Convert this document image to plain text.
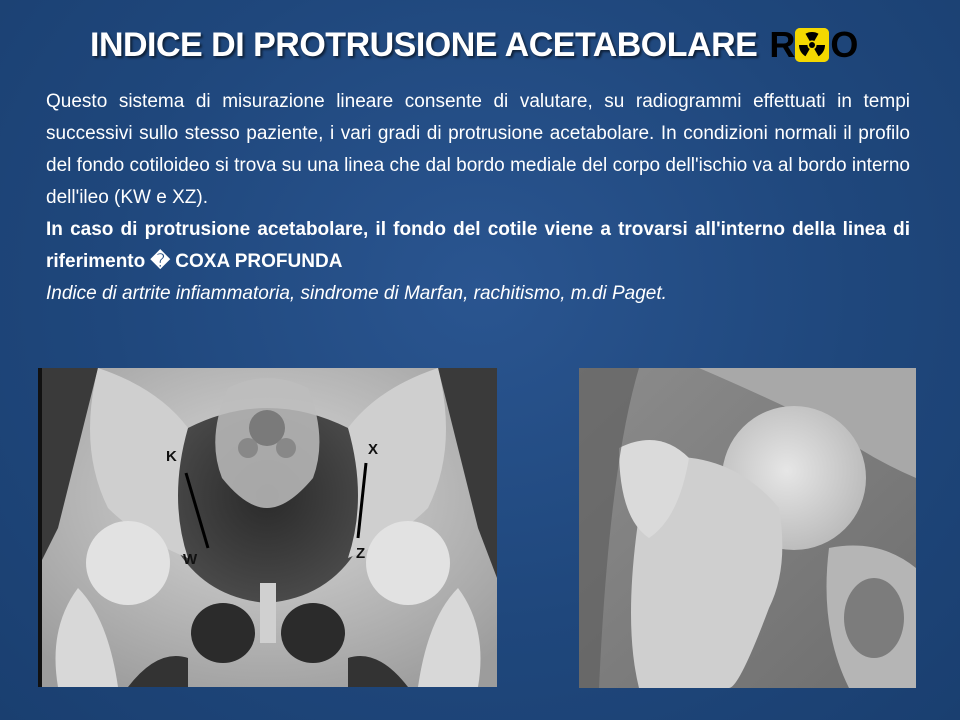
INDICE DI PROTRUSIONE ACETABOLARE R O

Questo sistema di misurazione lineare consente di valutare, su radiogrammi effettuati in tempi successivi sullo stesso paziente, i vari gradi di protrusione acetabolare. In condizioni normali il profilo del fondo cotiloideo si trova su una linea che dal bordo mediale del corpo dell'ischio va al bordo interno dell'ileo (KW e XZ).

In caso di protrusione acetabolare, il fondo del cotile viene a trovarsi all'interno della linea di riferimento � COXA PROFUNDA

Indice di artrite infiammatoria, sindrome di Marfan, rachitismo, m.di Paget.

K
W
X
Z
